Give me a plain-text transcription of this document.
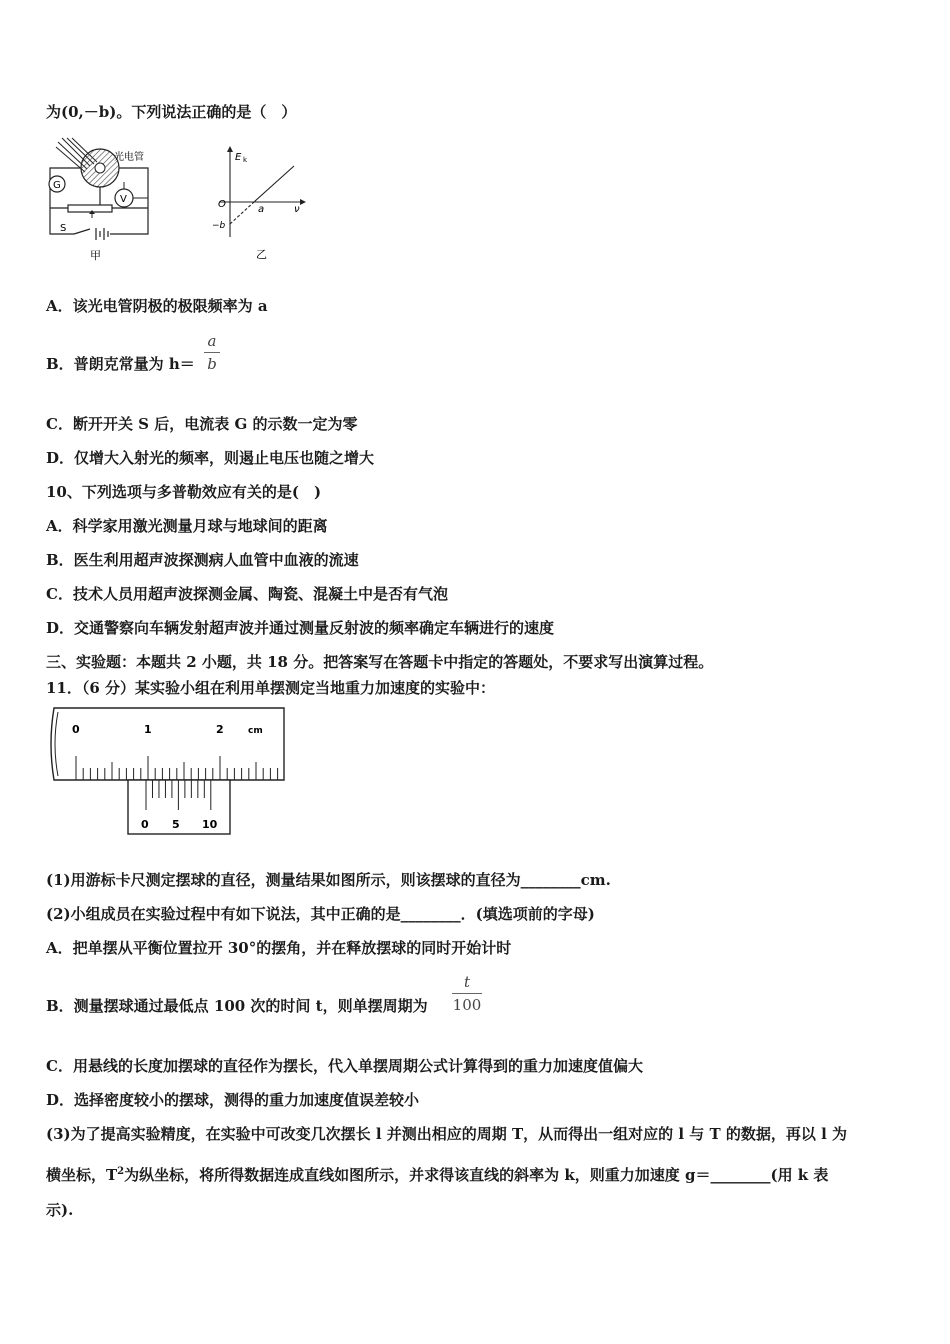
为(0,－b)。下列说法正确的是（　）
光电管
G
V
S
甲
E k
O	a	ν
−b
乙
A．该光电管阴极的极限频率为 a
B．普朗克常量为 h＝
a
b
C．断开开关 S 后，电流表 G 的示数一定为零
D．仅增大入射光的频率，则遏止电压也随之增大
10、下列选项与多普勒效应有关的是(　)
A．科学家用激光测量月球与地球间的距离
B．医生利用超声波探测病人血管中血液的流速
C．技术人员用超声波探测金属、陶瓷、混凝土中是否有气泡
D．交通警察向车辆发射超声波并通过测量反射波的频率确定车辆进行的速度
三、实验题：本题共 2 小题，共 18 分。把答案写在答题卡中指定的答题处，不要求写出演算过程。
11．（6 分）某实验小组在利用单摆测定当地重力加速度的实验中：
0	1	2	cm
0 5 10
(1)用游标卡尺测定摆球的直径，测量结果如图所示，则该摆球的直径为________cm.
(2)小组成员在实验过程中有如下说法，其中正确的是________．(填选项前的字母)
A．把单摆从平衡位置拉开 30°的摆角，并在释放摆球的同时开始计时
B．测量摆球通过最低点 100 次的时间 t，则单摆周期为
t
100
C．用悬线的长度加摆球的直径作为摆长，代入单摆周期公式计算得到的重力加速度值偏大
D．选择密度较小的摆球，测得的重力加速度值误差较小
(3)为了提高实验精度，在实验中可改变几次摆长 l 并测出相应的周期 T，从而得出一组对应的 l 与 T 的数据，再以 l 为
横坐标，$T^2$为纵坐标，将所得数据连成直线如图所示，并求得该直线的斜率为 k，则重力加速度 g＝________(用 k 表
示).
